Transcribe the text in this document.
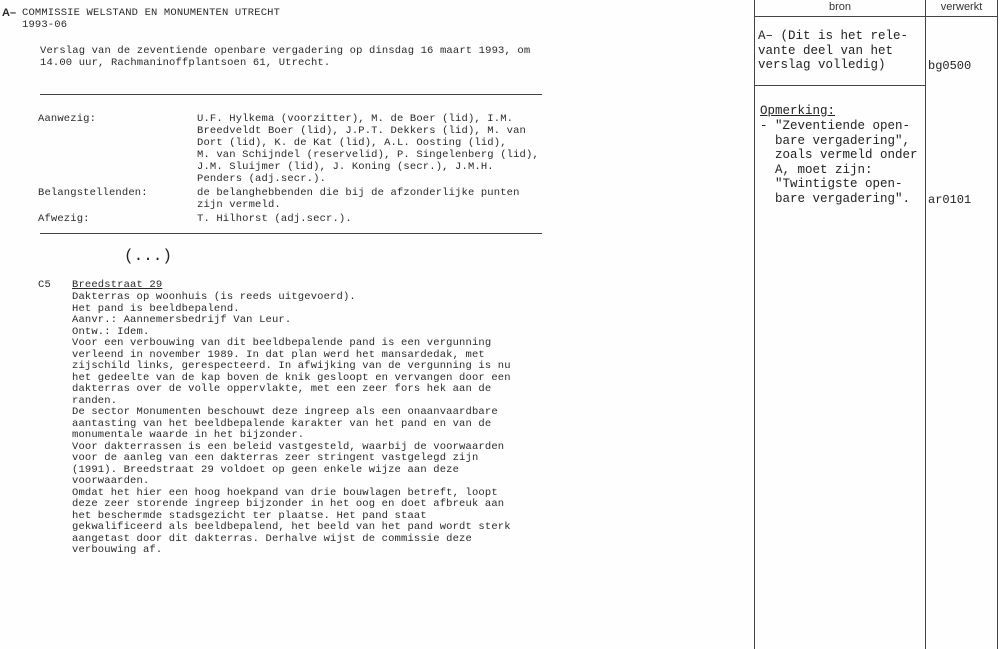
A– COMMISSIE WELSTAND EN MONUMENTEN UTRECHT
1993-06
Verslag van de zeventiende openbare vergadering op dinsdag 16 maart 1993, om
14.00 uur, Rachmaninoffplantsoen 61, Utrecht.
Aanwezig:	U.F. Hylkema (voorzitter), M. de Boer (lid), I.M.
Breedveldt Boer (lid), J.P.T. Dekkers (lid), M. van
Dort (lid), K. de Kat (lid), A.L. Oosting (lid),
M. van Schijndel (reservelid), P. Singelenberg (lid),
J.M. Sluijmer (lid), J. Koning (secr.), J.M.H.
Penders (adj.secr.).
Belangstellenden:	de belanghebbenden die bij de afzonderlijke punten
zijn vermeld.
Afwezig:	T. Hilhorst (adj.secr.).
(...)
C5 Breedstraat 29
Dakterras op woonhuis (is reeds uitgevoerd).
Het pand is beeldbepalend.
Aanvr.: Aannemersbedrijf Van Leur.
Ontw.: Idem.
Voor een verbouwing van dit beeldbepalende pand is een vergunning
verleend in november 1989. In dat plan werd het mansardedak, met
zijschild links, gerespecteerd. In afwijking van de vergunning is nu
het gedeelte van de kap boven de knik gesloopt en vervangen door een
dakterras over de volle oppervlakte, met een zeer fors hek aan de
randen.
De sector Monumenten beschouwt deze ingreep als een onaanvaardbare
aantasting van het beeldbepalende karakter van het pand en van de
monumentale waarde in het bijzonder.
Voor dakterrassen is een beleid vastgesteld, waarbij de voorwaarden
voor de aanleg van een dakterras zeer stringent vastgelegd zijn
(1991). Breedstraat 29 voldoet op geen enkele wijze aan deze
voorwaarden.
Omdat het hier een hoog hoekpand van drie bouwlagen betreft, loopt
deze zeer storende ingreep bijzonder in het oog en doet afbreuk aan
het beschermde stadsgezicht ter plaatse. Het pand staat
gekwalificeerd als beeldbepalend, het beeld van het pand wordt sterk
aangetast door dit dakterras. Derhalve wijst de commissie deze
verbouwing af.
bron	verwerkt
A– (Dit is het rele-
vante deel van het
verslag volledig)	bg0500
Opmerking:
- "Zeventiende open-
bare vergadering",
zoals vermeld onder
A, moet zijn:
"Twintigste open-
bare vergadering".	ar0101
